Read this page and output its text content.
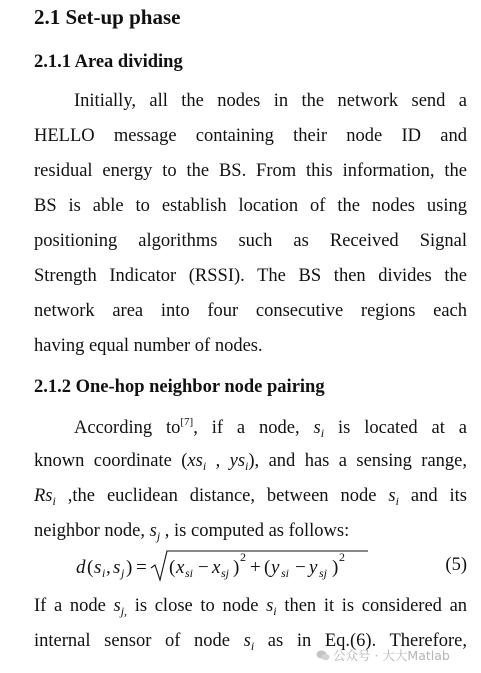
2.1 Set-up phase
2.1.1 Area dividing
Initially, all the nodes in the network send a
HELLO message containing their node ID and
residual energy to the BS. From this information, the
BS is able to establish location of the nodes using
positioning algorithms such as Received Signal
Strength Indicator (RSSI). The BS then divides the
network area into four consecutive regions each
having equal number of nodes.
2.1.2 One-hop neighbor node pairing
According to[7], if a node, $s_i$ is located at a
known coordinate ($xs_i$ , $ys_i$), and has a sensing range,
$Rs_i$ ,the euclidean distance, between node $s_i$ and its
neighbor node, $s_j$ , is computed as follows:
d ( s i , s j ) = ( x si − x sj ) 2 + ( y si − y sj ) 2	(5)
If a node $s_{j,}$ is close to node $s_i$ then it is considered an
internal sensor of node $s_i$ as in Eq.(6). Therefore,
公众号 · 大大Matlab
